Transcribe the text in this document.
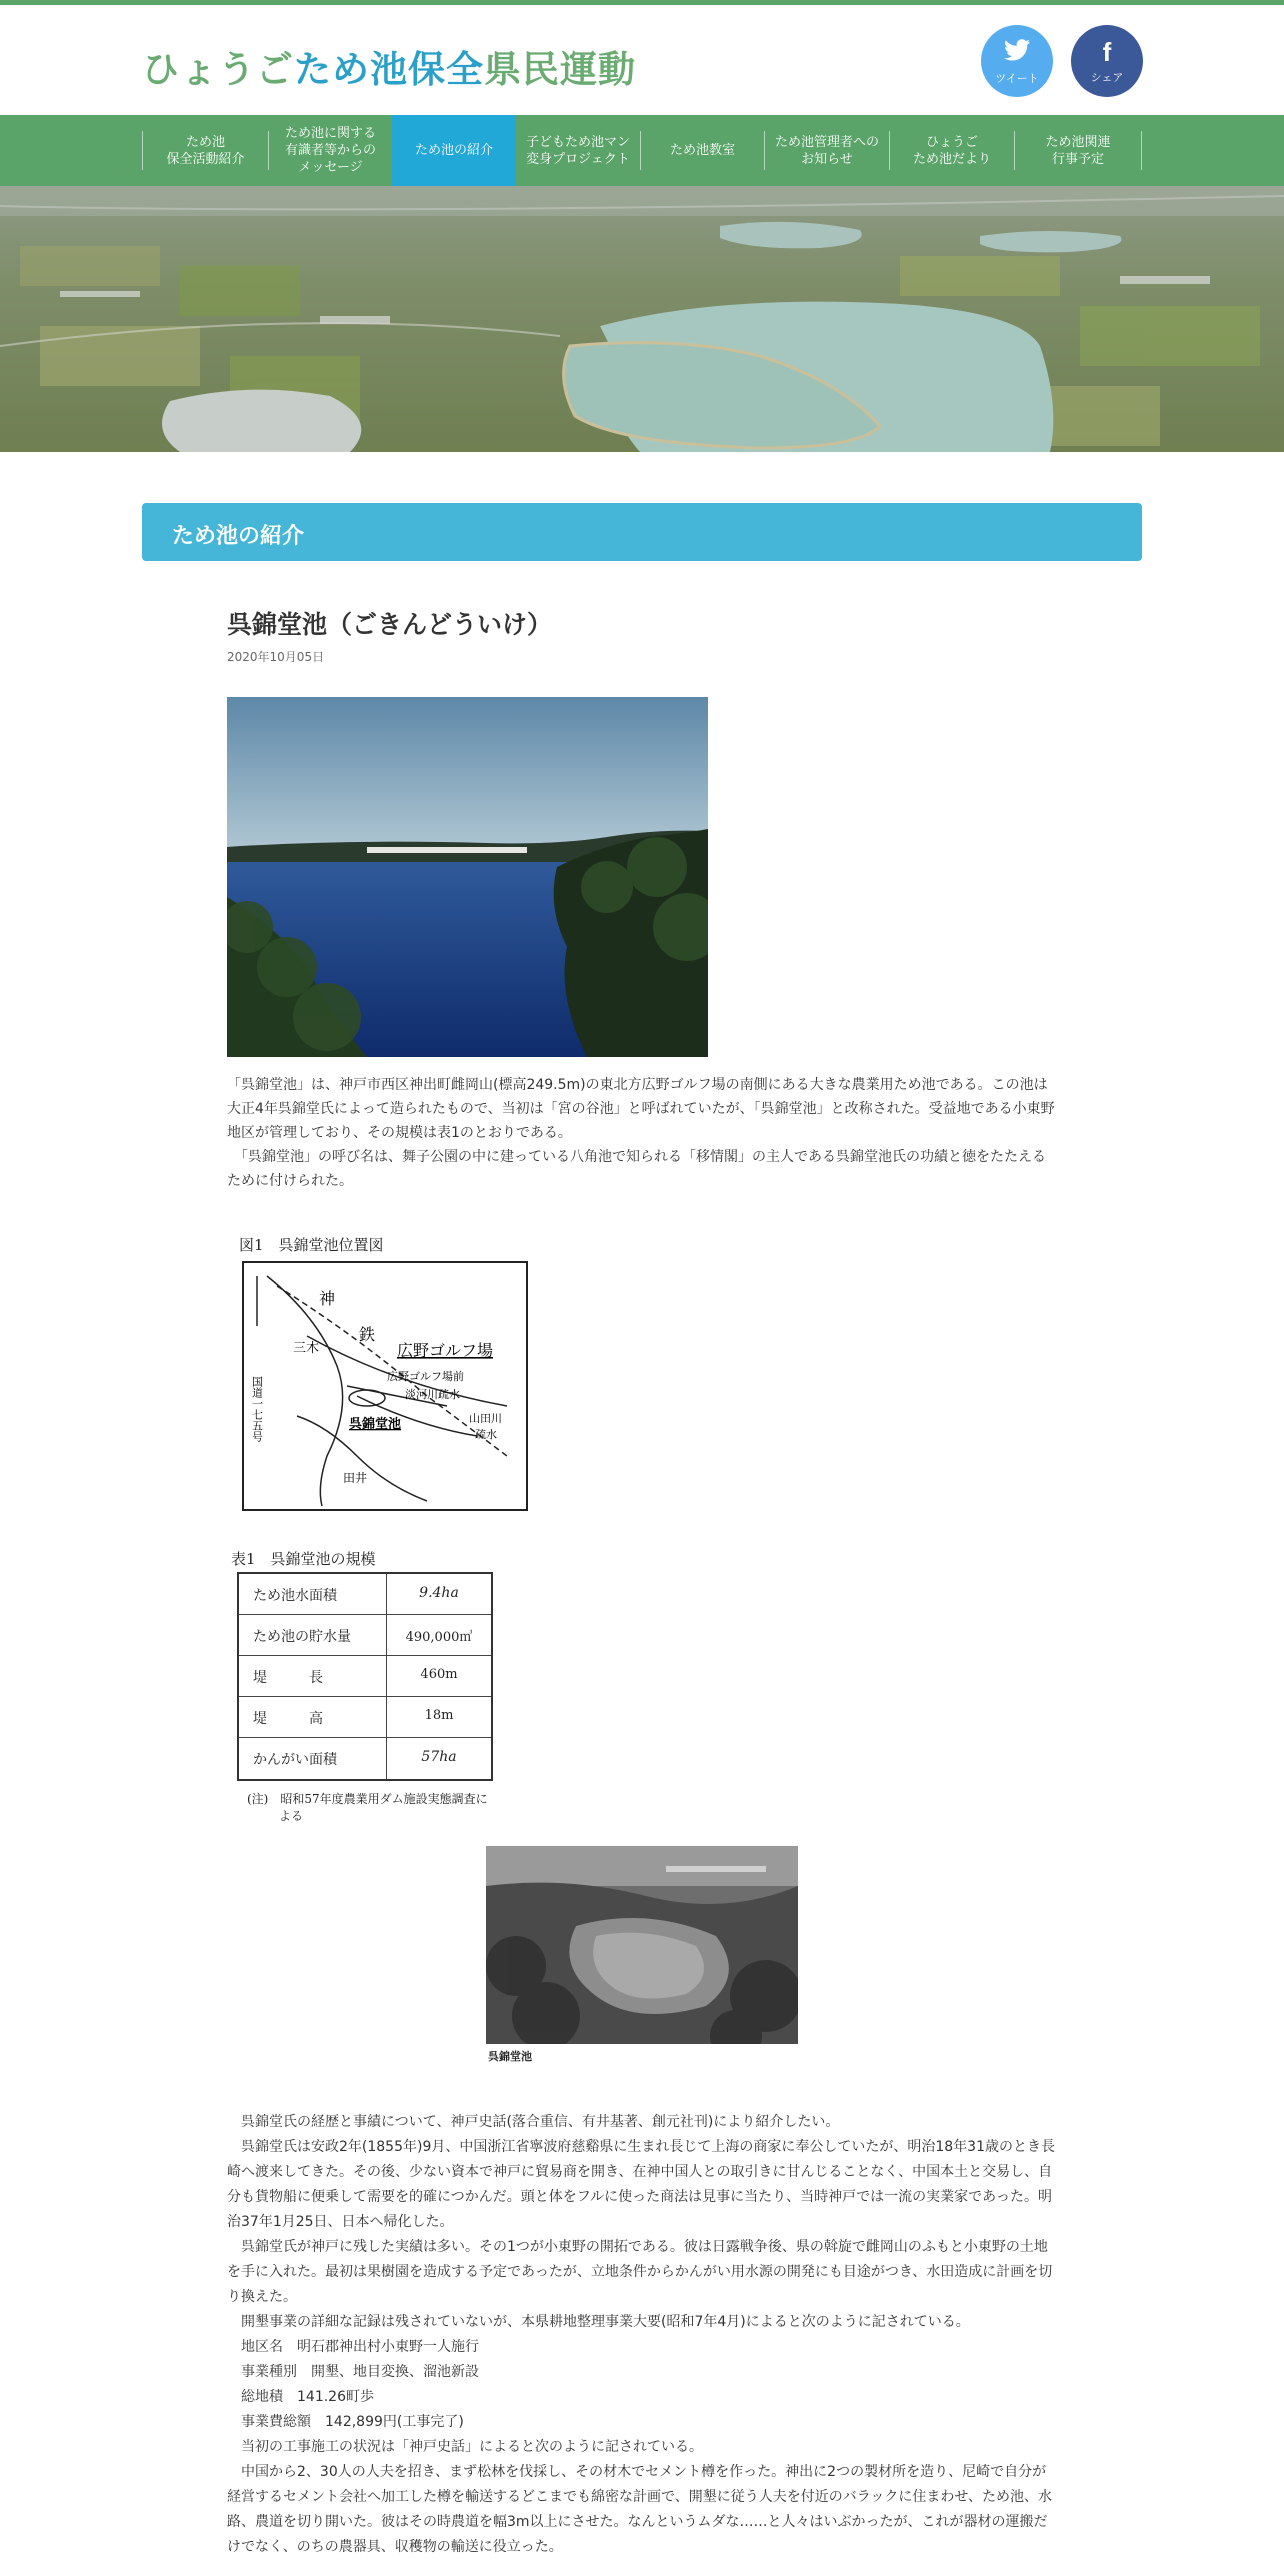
ひょうごため池保全県民運動	ツイート
f
シェア
ため池
保全活動紹介
ため池に関する
有識者等からの
メッセージ
ため池の紹介
子どもため池マン
変身プロジェクト
ため池教室
ため池管理者への
お知らせ
ひょうご
ため池だより
ため池関連
行事予定
ため池の紹介
呉錦堂池（ごきんどういけ）
2020年10月05日

「呉錦堂池」は、神戸市西区神出町雌岡山(標高249.5m)の東北方広野ゴルフ場の南側にある大きな農業用ため池である。この池は大正4年呉錦堂氏によって造られたもので、当初は「宮の谷池」と呼ばれていたが、「呉錦堂池」と改称された。受益地である小東野地区が管理しており、その規模は表1のとおりである。

　「呉錦堂池」の呼び名は、舞子公園の中に建っている八角池で知られる「移情閣」の主人である呉錦堂池氏の功績と徳をたたえるために付けられた。

図1　呉錦堂池位置図
神
鉄
三木	広野ゴルフ場
広野ゴルフ場前
淡河川疏水
山田川
疏水
呉錦堂池
国道一七五号
田井
表1　呉錦堂池の規模
ため池水面積	9.4ha
ため池の貯水量	490,000㎥
堤　　　長	460m
堤　　　高	18m
かんがい面積	57ha
(注)　昭和57年度農業用ダム施設実態調査に
よる
呉錦堂池

　呉錦堂氏の経歴と事績について、神戸史話(落合重信、有井基著、創元社刊)により紹介したい。

　呉錦堂氏は安政2年(1855年)9月、中国浙江省寧波府慈谿県に生まれ長じて上海の商家に奉公していたが、明治18年31歳のとき長崎へ渡来してきた。その後、少ない資本で神戸に貿易商を開き、在神中国人との取引きに甘んじることなく、中国本土と交易し、自分も貨物船に便乗して需要を的確につかんだ。頭と体をフルに使った商法は見事に当たり、当時神戸では一流の実業家であった。明治37年1月25日、日本へ帰化した。

　呉錦堂氏が神戸に残した実績は多い。その1つが小東野の開拓である。彼は日露戦争後、県の斡旋で雌岡山のふもと小東野の土地を手に入れた。最初は果樹園を造成する予定であったが、立地条件からかんがい用水源の開発にも目途がつき、水田造成に計画を切り換えた。

　開墾事業の詳細な記録は残されていないが、本県耕地整理事業大要(昭和7年4月)によると次のように記されている。

　地区名　明石郡神出村小東野一人施行

　事業種別　開墾、地目変換、溜池新設

　総地積　141.26町歩

　事業費総額　142,899円(工事完了)

　当初の工事施工の状況は「神戸史話」によると次のように記されている。

　中国から2、30人の人夫を招き、まず松林を伐採し、その材木でセメント樽を作った。神出に2つの製材所を造り、尼崎で自分が経営するセメント会社へ加工した樽を輸送するどこまでも綿密な計画で、開墾に従う人夫を付近のバラックに住まわせ、ため池、水路、農道を切り開いた。彼はその時農道を幅3m以上にさせた。なんというムダな……と人々はいぶかったが、これが器材の運搬だけでなく、のちの農器具、収穫物の輸送に役立った。
